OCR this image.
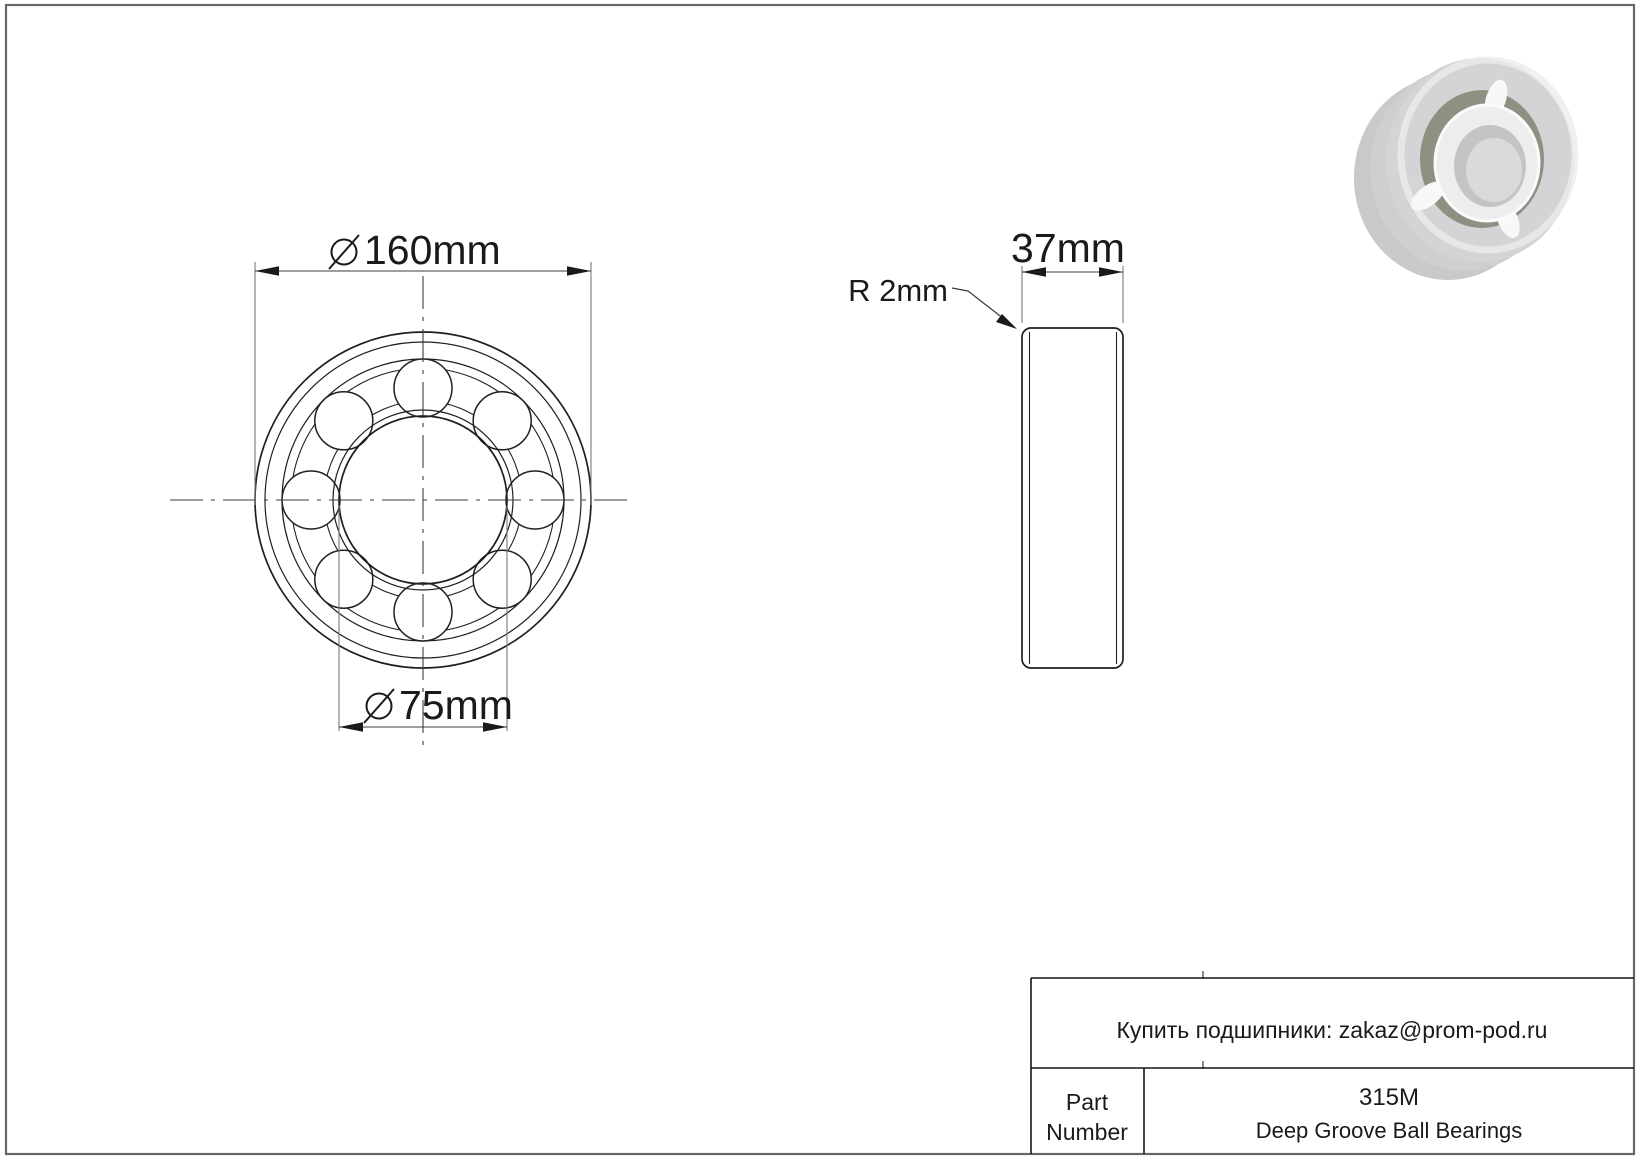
160mm
75mm
37mm
R 2mm
Купить подшипники: zakaz@prom-pod.ru
Part
Number
315M
Deep Groove Ball Bearings
